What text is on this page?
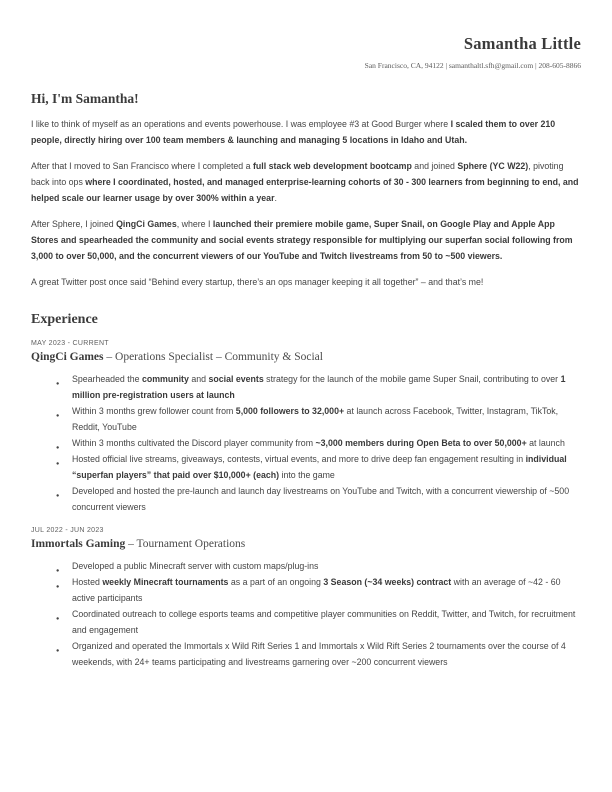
Samantha Little
San Francisco, CA, 94122 | samanthaltl.sfh@gmail.com | 208-605-8866
Hi, I'm Samantha!

I like to think of myself as an operations and events powerhouse. I was employee #3 at Good Burger where I scaled them to over 210 people, directly hiring over 100 team members & launching and managing 5 locations in Idaho and Utah.

After that I moved to San Francisco where I completed a full stack web development bootcamp and joined Sphere (YC W22), pivoting back into ops where I coordinated, hosted, and managed enterprise-learning cohorts of 30 - 300 learners from beginning to end, and helped scale our learner usage by over 300% within a year.

After Sphere, I joined QingCi Games, where I launched their premiere mobile game, Super Snail, on Google Play and Apple App Stores and spearheaded the community and social events strategy responsible for multiplying our superfan social following from 3,000 to over 50,000, and the concurrent viewers of our YouTube and Twitch livestreams from 50 to ~500 viewers.

A great Twitter post once said “Behind every startup, there’s an ops manager keeping it all together” – and that’s me!

Experience
MAY 2023 - CURRENT
QingCi Games – Operations Specialist – Community & Social
● Spearheaded the community and social events strategy for the launch of the mobile game Super Snail, contributing to over 1 million pre-registration users at launch
● Within 3 months grew follower count from 5,000 followers to 32,000+ at launch across Facebook, Twitter, Instagram, TikTok, Reddit, YouTube
● Within 3 months cultivated the Discord player community from ~3,000 members during Open Beta to over 50,000+ at launch
● Hosted official live streams, giveaways, contests, virtual events, and more to drive deep fan engagement resulting in individual “superfan players” that paid over $10,000+ (each) into the game
● Developed and hosted the pre-launch and launch day livestreams on YouTube and Twitch, with a concurrent viewership of ~500 concurrent viewers
JUL 2022 - JUN 2023
Immortals Gaming – Tournament Operations
● Developed a public Minecraft server with custom maps/plug-ins
● Hosted weekly Minecraft tournaments as a part of an ongoing 3 Season (~34 weeks) contract with an average of ~42 - 60 active participants
● Coordinated outreach to college esports teams and competitive player communities on Reddit, Twitter, and Twitch, for recruitment and engagement
● Organized and operated the Immortals x Wild Rift Series 1 and Immortals x Wild Rift Series 2 tournaments over the course of 4 weekends, with 24+ teams participating and livestreams garnering over ~200 concurrent viewers
